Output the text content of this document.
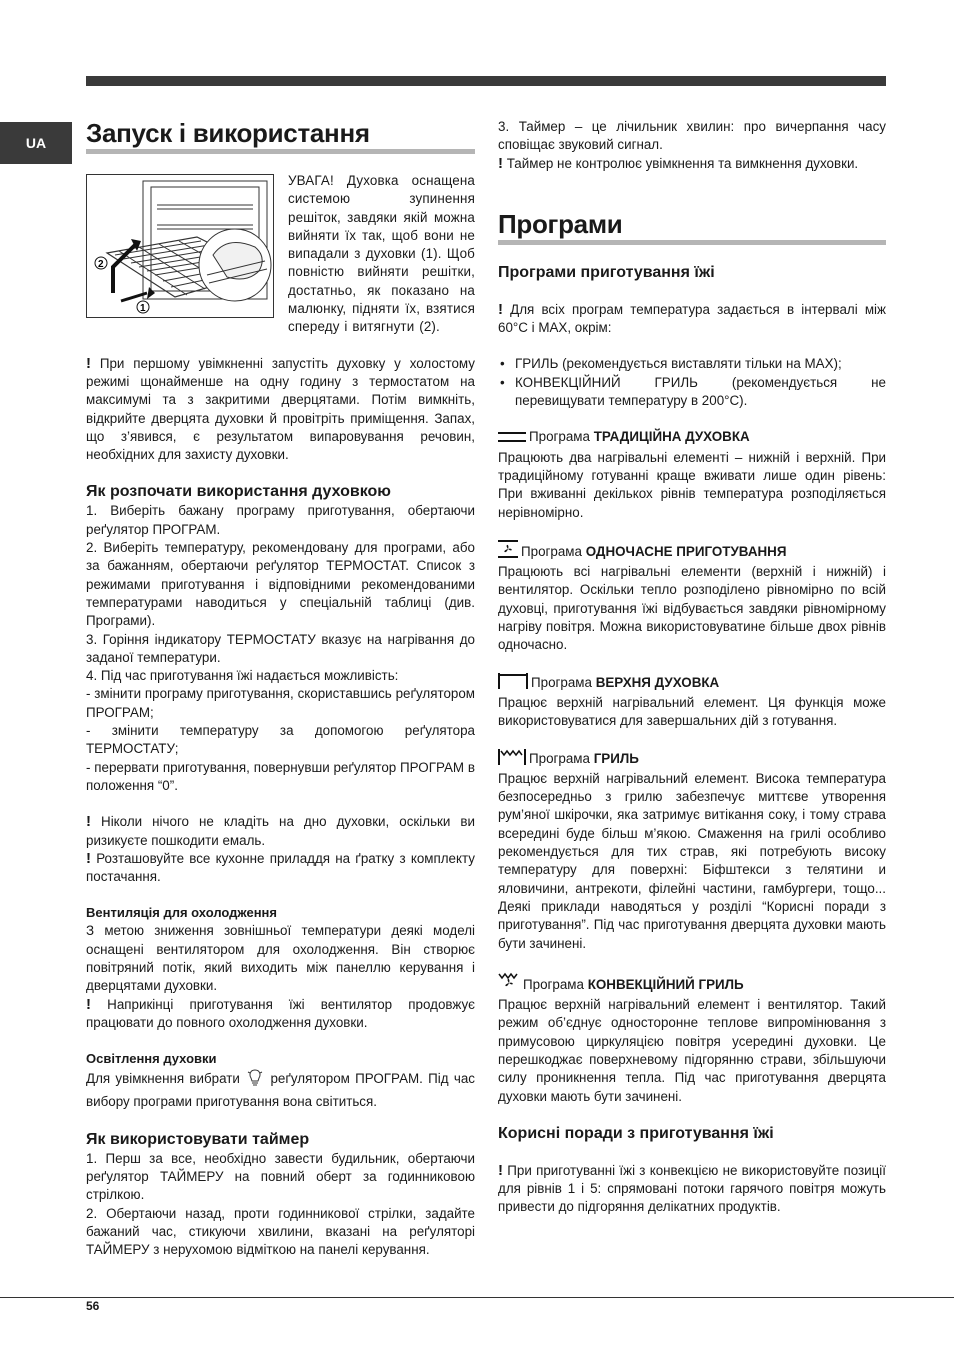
UA	Запуск і використання
2
1

УВАГА! Духовка оснащена системою зупинення решіток, завдяки якій можна вийняти їх так, щоб вони не випадали з духовки (1). Щоб повністю вийняти решітки, достатньо, як показано на малюнку, підняти їх, взятися спереду і витягнути (2).

! При першому увімкненні запустіть духовку у холостому режимі щонайменше на одну годину з термостатом на максимумі та з закритими дверцятами. Потім вимкніть, відкрийте дверцята духовки й провітріть приміщення. Запах, що з’явився, є результатом випаровування речовин, необхідних для захисту духовки.

Як розпочати використання духовкою

1. Виберіть бажану програму приготування, обертаючи реґулятор ПРОГРАМ.

2. Виберіть температуру, рекомендовану для програми, або за бажанням, обертаючи реґулятор ТЕРМОСТАТ. Список з режимами приготування і відповідними рекомендованими температурами наводиться у спеціальній таблиці (див. Програми).

3. Горіння індикатору ТЕРМОСТАТУ вказує на нагрівання до заданої температури.

4. Під час приготування їжі надається можливість:

- змінити програму приготування, скориставшись реґулятором ПРОГРАМ;

- змінити температуру за допомогою реґулятора ТЕРМОСТАТУ;

- перервати приготування, повернувши реґулятор ПРОГРАМ в положення “0”.

! Ніколи нічого не кладіть на дно духовки, оскільки ви ризикуєте пошкодити емаль.

! Розташовуйте все кухонне приладдя на ґратку з комплекту постачання.

Вентиляція для охолодження

З метою зниження зовнішньої температури деякі моделі оснащені вентилятором для охолодження. Він створює повітряний потік, який виходить між панеллю керування і дверцятами духовки.

! Наприкінці приготування їжі вентилятор продовжує працювати до повного охолодження духовки.

Освітлення духовки

Для увімкнення вибрати реґулятором ПРОГРАМ. Під час вибору програми приготування вона світиться.

Як використовувати таймер

1. Перш за все, необхідно завести будильник, обертаючи реґулятор ТАЙМЕРУ на повний оберт за годинниковою стрілкою.

2. Обертаючи назад, проти годинникової стрілки, задайте бажаний час, стикуючи хвилини, вказані на реґуляторі ТАЙМЕРУ з нерухомою відміткою на панелі керування.

3. Таймер – це лічильник хвилин: про вичерпання часу сповіщає звуковий сигнал.

! Таймер не контролює увімкнення та вимкнення духовки.

Програми
Програми приготування їжі

! Для всіх програм температура задається в інтервалі між 60°C і MAX, окрім:

• ГРИЛЬ (рекомендується виставляти тільки на MAX);
• КОНВЕКЦІЙНИЙ ГРИЛЬ (рекомендується не перевищувати температуру в 200°C).

Програма ТРАДИЦІЙНА ДУХОВКА

Працюють два нагрівальні елементі – нижній і верхній. При традиційному готуванні краще вживати лише один рівень: При вживанні декількох рівнів температура розподіляється нерівномірно.

Програма ОДНОЧАСНЕ ПРИГОТУВАННЯ

Працюють всі нагрівальні елементи (верхній і нижній) і вентилятор. Оскільки тепло розподілено рівномірно по всій духовці, приготування їжі відбувається завдяки рівномірному нагріву повітря. Можна використовуватине більше двох рівнів одночасно.

Програма ВЕРХНЯ ДУХОВКА

Працює верхній нагрівальний елемент. Ця функція може використовуватися для завершальних дій з готування.

Програма ГРИЛЬ

Працює верхній нагрівальний елемент. Висока температура безпосередньо з грилю забезпечує миттєве утворення рум’яної шкірочки, яка затримує витікання соку, і тому страва всередині буде більш м’якою. Смаження на грилі особливо рекомендується для тих страв, які потребують високу температуру для поверхні: Біфштекси з телятини и яловичини, антрекоти, філейні частини, гамбургери, тощо... Деякі приклади наводяться у розділі “Корисні поради з приготування”. Під час приготування дверцята духовки мають бути зачинені.

Програма КОНВЕКЦІЙНИЙ ГРИЛЬ

Працює верхній нагрівальний елемент і вентилятор. Такий режим об’єднує односторонне теплове випромінювання з примусовою циркуляцією повітря усередині духовки. Це перешкоджає поверхневому підгорянню страви, збільшуючи силу проникнення тепла. Під час приготування дверцята духовки мають бути зачинені.

Корисні поради з приготування їжі

! При приготуванні їжі з конвекцією не використовуйте позиції для рівнів 1 і 5: спрямовані потоки гарячого повітря можуть привести до підгоряння делікатних продуктів.

56
